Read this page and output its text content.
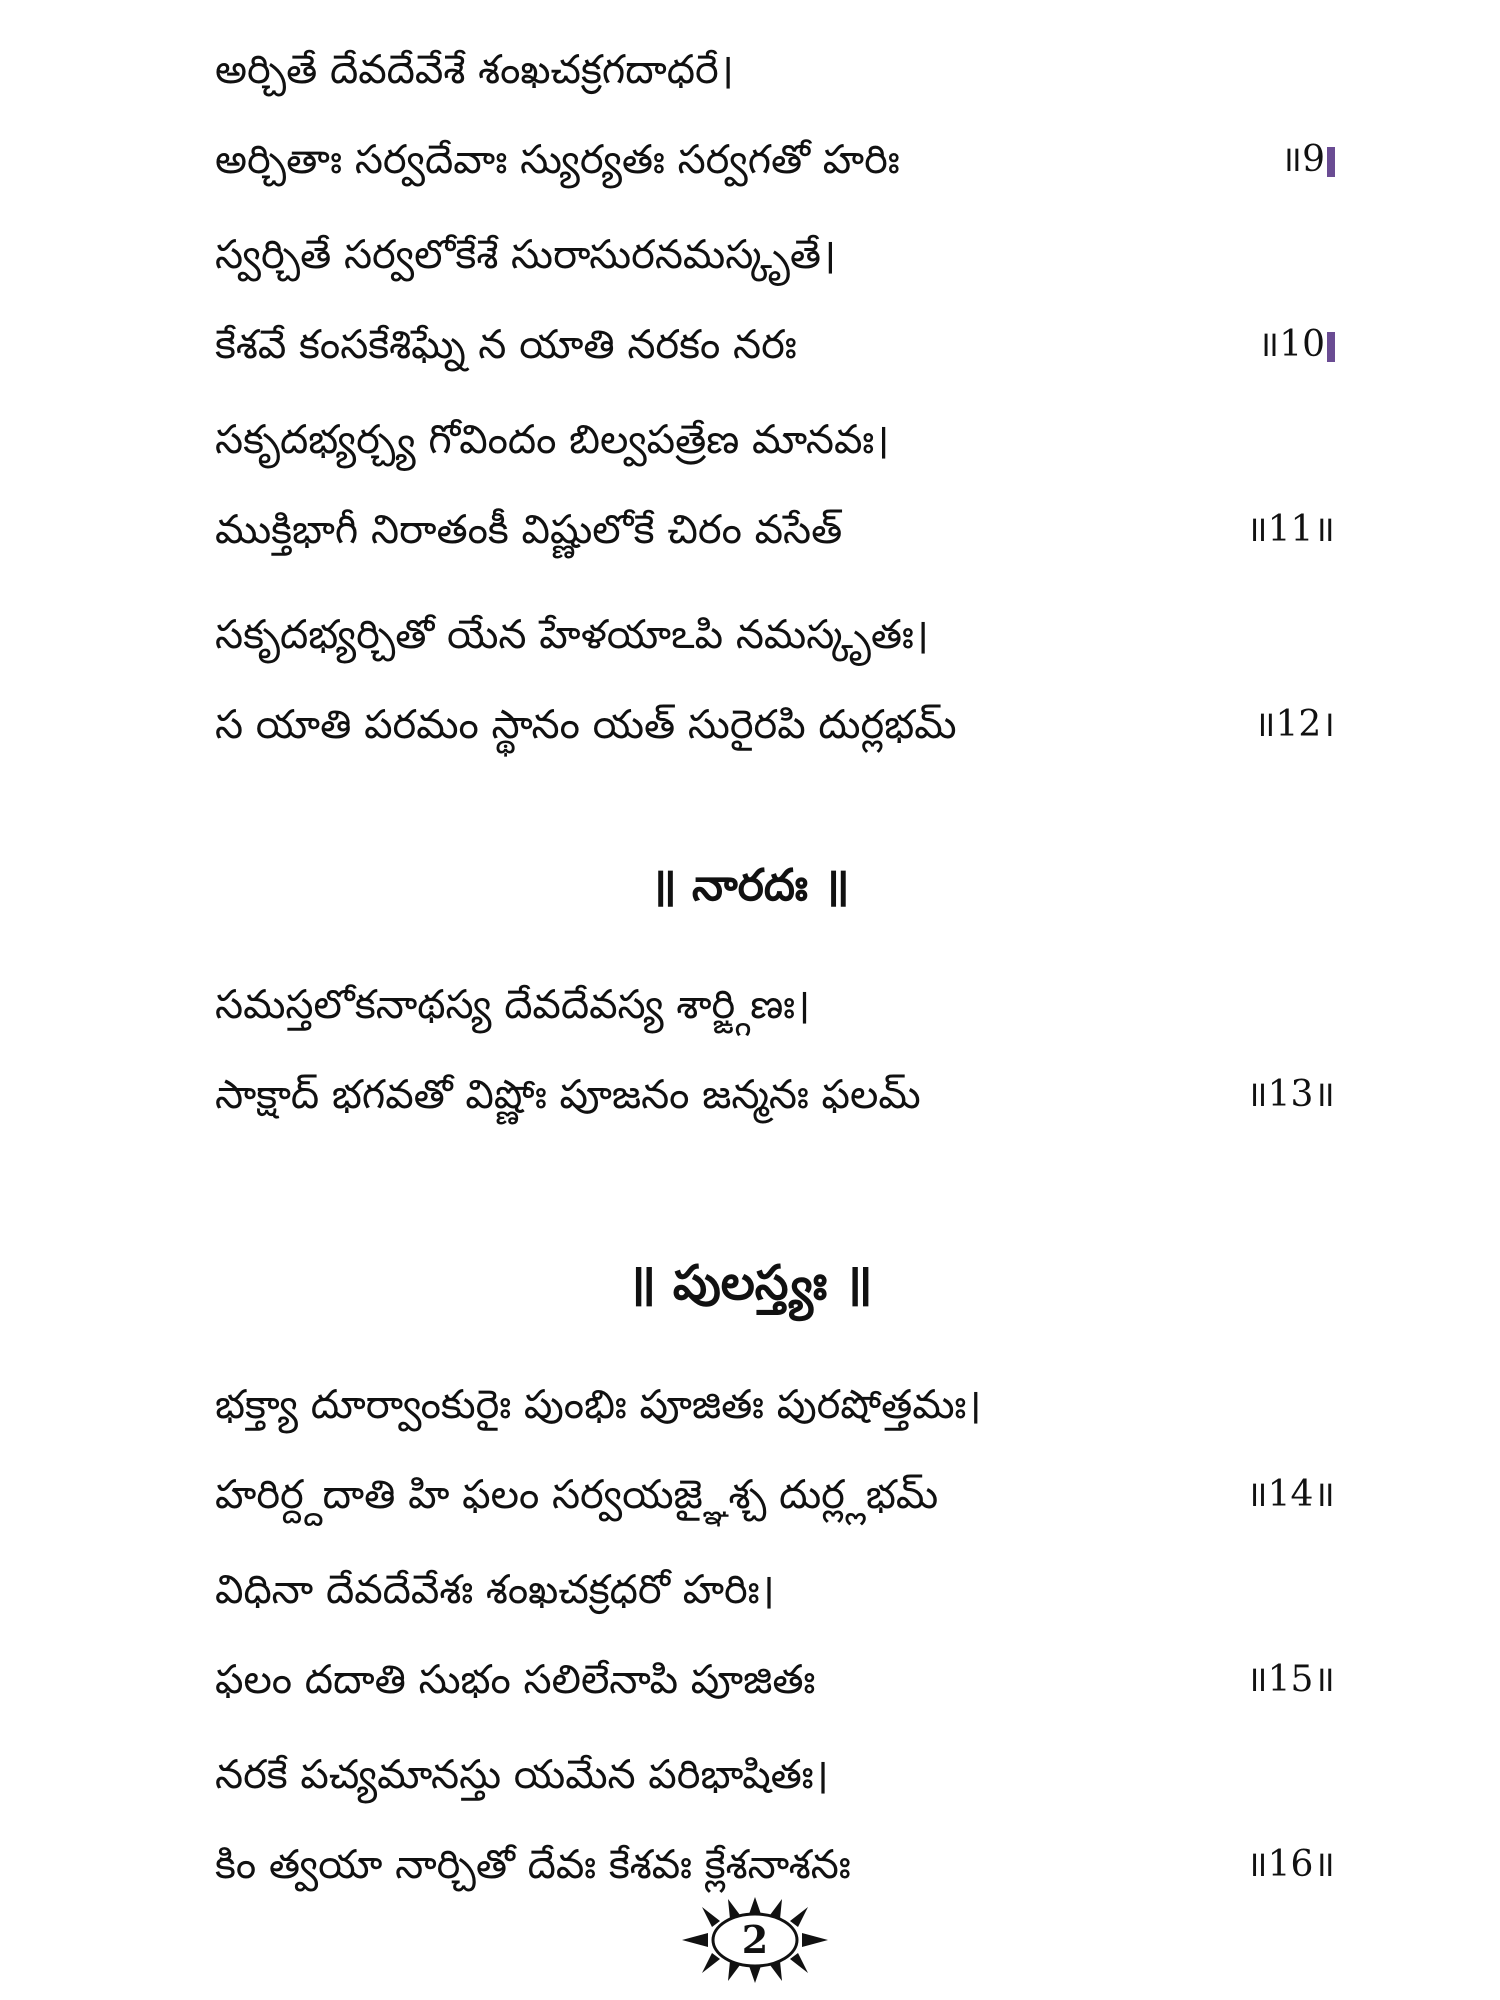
అర్చితే దేవదేవేశే శంఖచక్రగదాధరే।
అర్చితాః సర్వదేవాః స్యుర్యతః సర్వగతో హరిః	॥9
స్వర్చితే సర్వలోకేశే సురాసురనమస్కృతే।
కేశవే కంసకేశిఘ్నే న యాతి నరకం నరః	॥10
సకృదభ్యర్చ్య గోవిందం బిల్వపత్రేణ మానవః।
ముక్తిభాగీ నిరాతంకీ విష్ణులోకే చిరం వసేత్	॥11॥
సకృదభ్యర్చితో యేన హేళయాఽపి నమస్కృతః।
స యాతి పరమం స్థానం యత్ సురైరపి దుర్లభమ్	॥12।
॥ నారదః ॥
సమస్తలోకనాథస్య దేవదేవస్య శార్ఙ్గిణః।
సాక్షాద్ భగవతో విష్ణోః పూజనం జన్మనః ఫలమ్	॥13॥
॥ పులస్త్యః ॥
భక్త్యా దూర్వాంకురైః పుంభిః పూజితః పురషోత్తమః।
హరిర్ద్దదాతి హి ఫలం సర్వయజ్ఞైశ్చ దుర్ల్లభమ్	॥14॥
విధినా దేవదేవేశః శంఖచక్రధరో హరిః।
ఫలం దదాతి సుభం సలిలేనాపి పూజితః	॥15॥
నరకే పచ్యమానస్తు యమేన పరిభాషితః।
కిం త్వయా నార్చితో దేవః కేశవః క్లేశనాశనః	॥16॥
2
